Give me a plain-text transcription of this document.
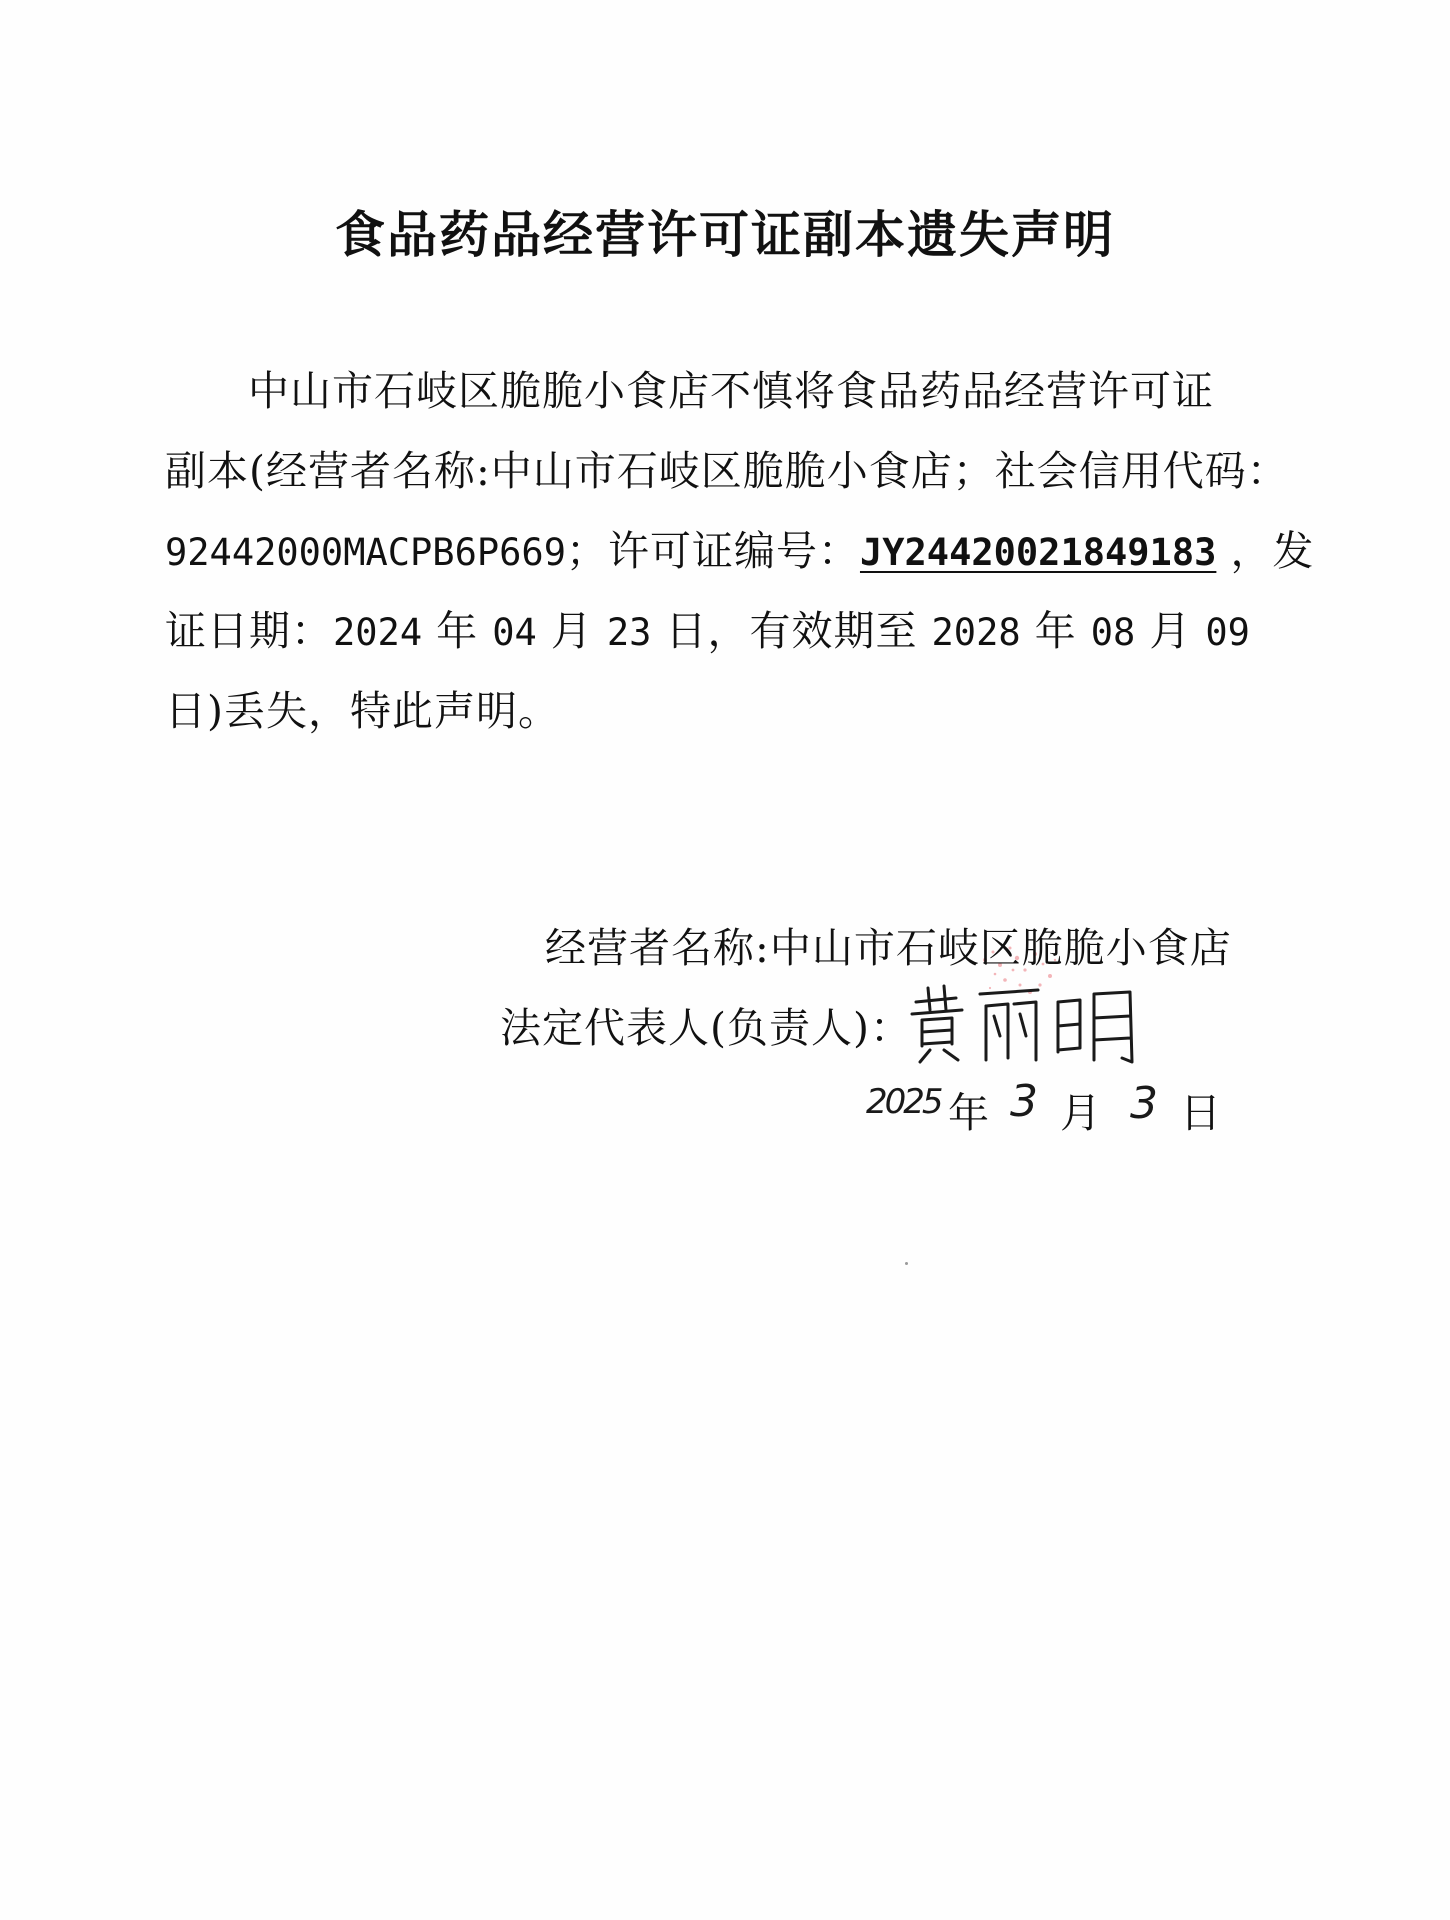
食品药品经营许可证副本遗失声明
中山市石岐区脆脆小食店不慎将食品药品经营许可证
副本(经营者名称:中山市石岐区脆脆小食店；社会信用代码：
92442000MACPB6P669；许可证编号：JY24420021849183 ，发
证日期：2024 年 04 月 23 日，有效期至 2028 年 08 月 09
日)丢失，特此声明。
经营者名称:中山市石岐区脆脆小食店
法定代表人(负责人)：
2025 年 3 月 3 日
